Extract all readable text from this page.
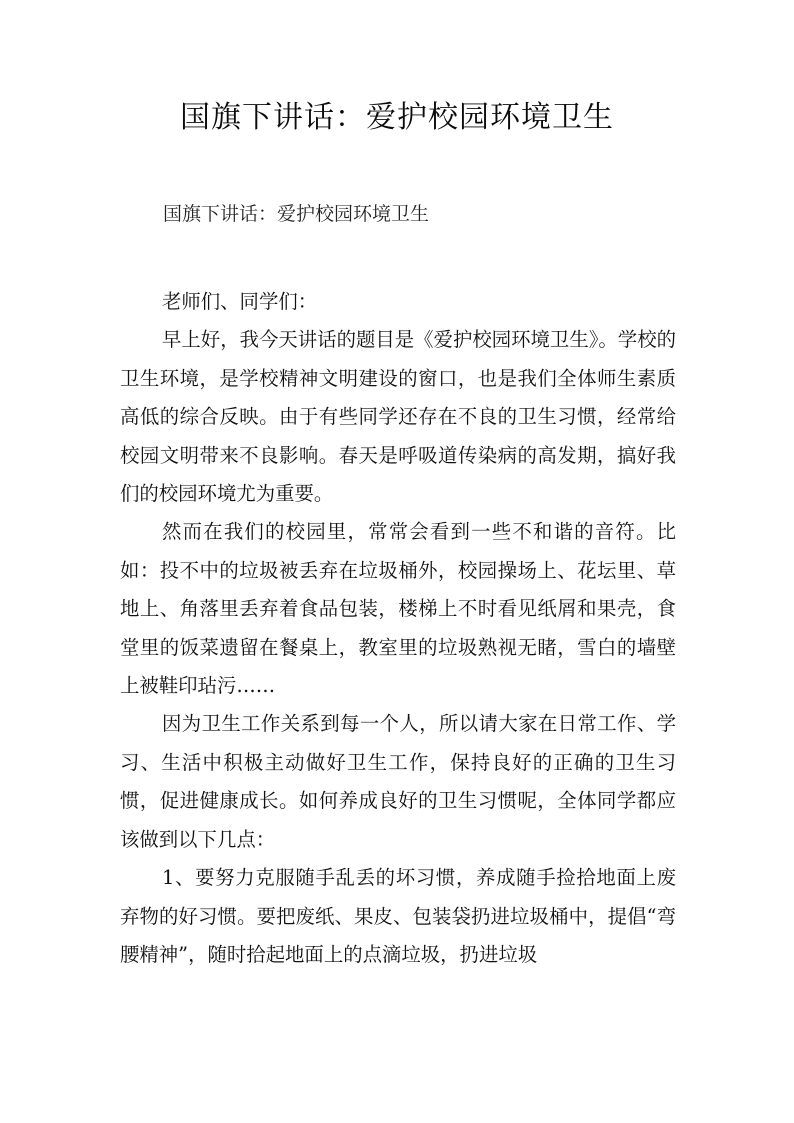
国旗下讲话：爱护校园环境卫生
国旗下讲话：爱护校园环境卫生

老师们、同学们：

早上好，我今天讲话的题目是《爱护校园环境卫生》。学校的卫生环境，是学校精神文明建设的窗口，也是我们全体师生素质高低的综合反映。由于有些同学还存在不良的卫生习惯，经常给校园文明带来不良影响。春天是呼吸道传染病的高发期，搞好我们的校园环境尤为重要。

然而在我们的校园里，常常会看到一些不和谐的音符。比如：投不中的垃圾被丢弃在垃圾桶外，校园操场上、花坛里、草地上、角落里丢弃着食品包装，楼梯上不时看见纸屑和果壳，食堂里的饭菜遗留在餐桌上，教室里的垃圾熟视无睹，雪白的墙壁上被鞋印玷污……

因为卫生工作关系到每一个人，所以请大家在日常工作、学习、生活中积极主动做好卫生工作，保持良好的正确的卫生习惯，促进健康成长。如何养成良好的卫生习惯呢，全体同学都应该做到以下几点：

1、要努力克服随手乱丢的坏习惯，养成随手捡拾地面上废弃物的好习惯。要把废纸、果皮、包装袋扔进垃圾桶中，提倡“弯腰精神”，随时拾起地面上的点滴垃圾，扔进垃圾
